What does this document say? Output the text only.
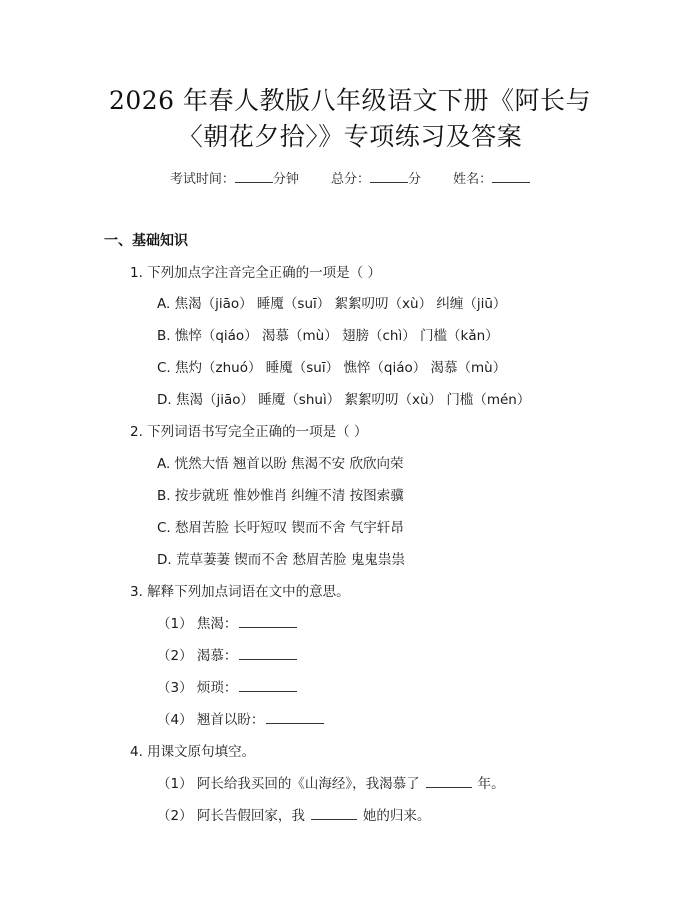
2026 年春人教版八年级语文下册《阿长与
〈朝花夕拾〉》专项练习及答案
考试时间：	分钟 总分：	分 姓名：
一、基础知识
1. 下列加点字注音完全正确的一项是（ ）
A. 焦渴（jiāo） 睡魇（suī） 絮絮叨叨（xù） 纠缠（jiū）
B. 憔悴（qiáo） 渴慕（mù） 翅膀（chì） 门槛（kǎn）
C. 焦灼（zhuó） 睡魇（suī） 憔悴（qiáo） 渴慕（mù）
D. 焦渴（jiāo） 睡魇（shuì） 絮絮叨叨（xù） 门槛（mén）
2. 下列词语书写完全正确的一项是（ ）
A. 恍然大悟 翘首以盼 焦渴不安 欣欣向荣
B. 按步就班 惟妙惟肖 纠缠不清 按图索骥
C. 愁眉苦脸 长吁短叹 锲而不舍 气宇轩昂
D. 荒草萋萋 锲而不舍 愁眉苦脸 鬼鬼祟祟
3. 解释下列加点词语在文中的意思。
（1） 焦渴：
（2） 渴慕：
（3） 烦琐：
（4） 翘首以盼：
4. 用课文原句填空。
（1） 阿长给我买回的《山海经》，我渴慕了	年。
（2） 阿长告假回家，我	她的归来。
